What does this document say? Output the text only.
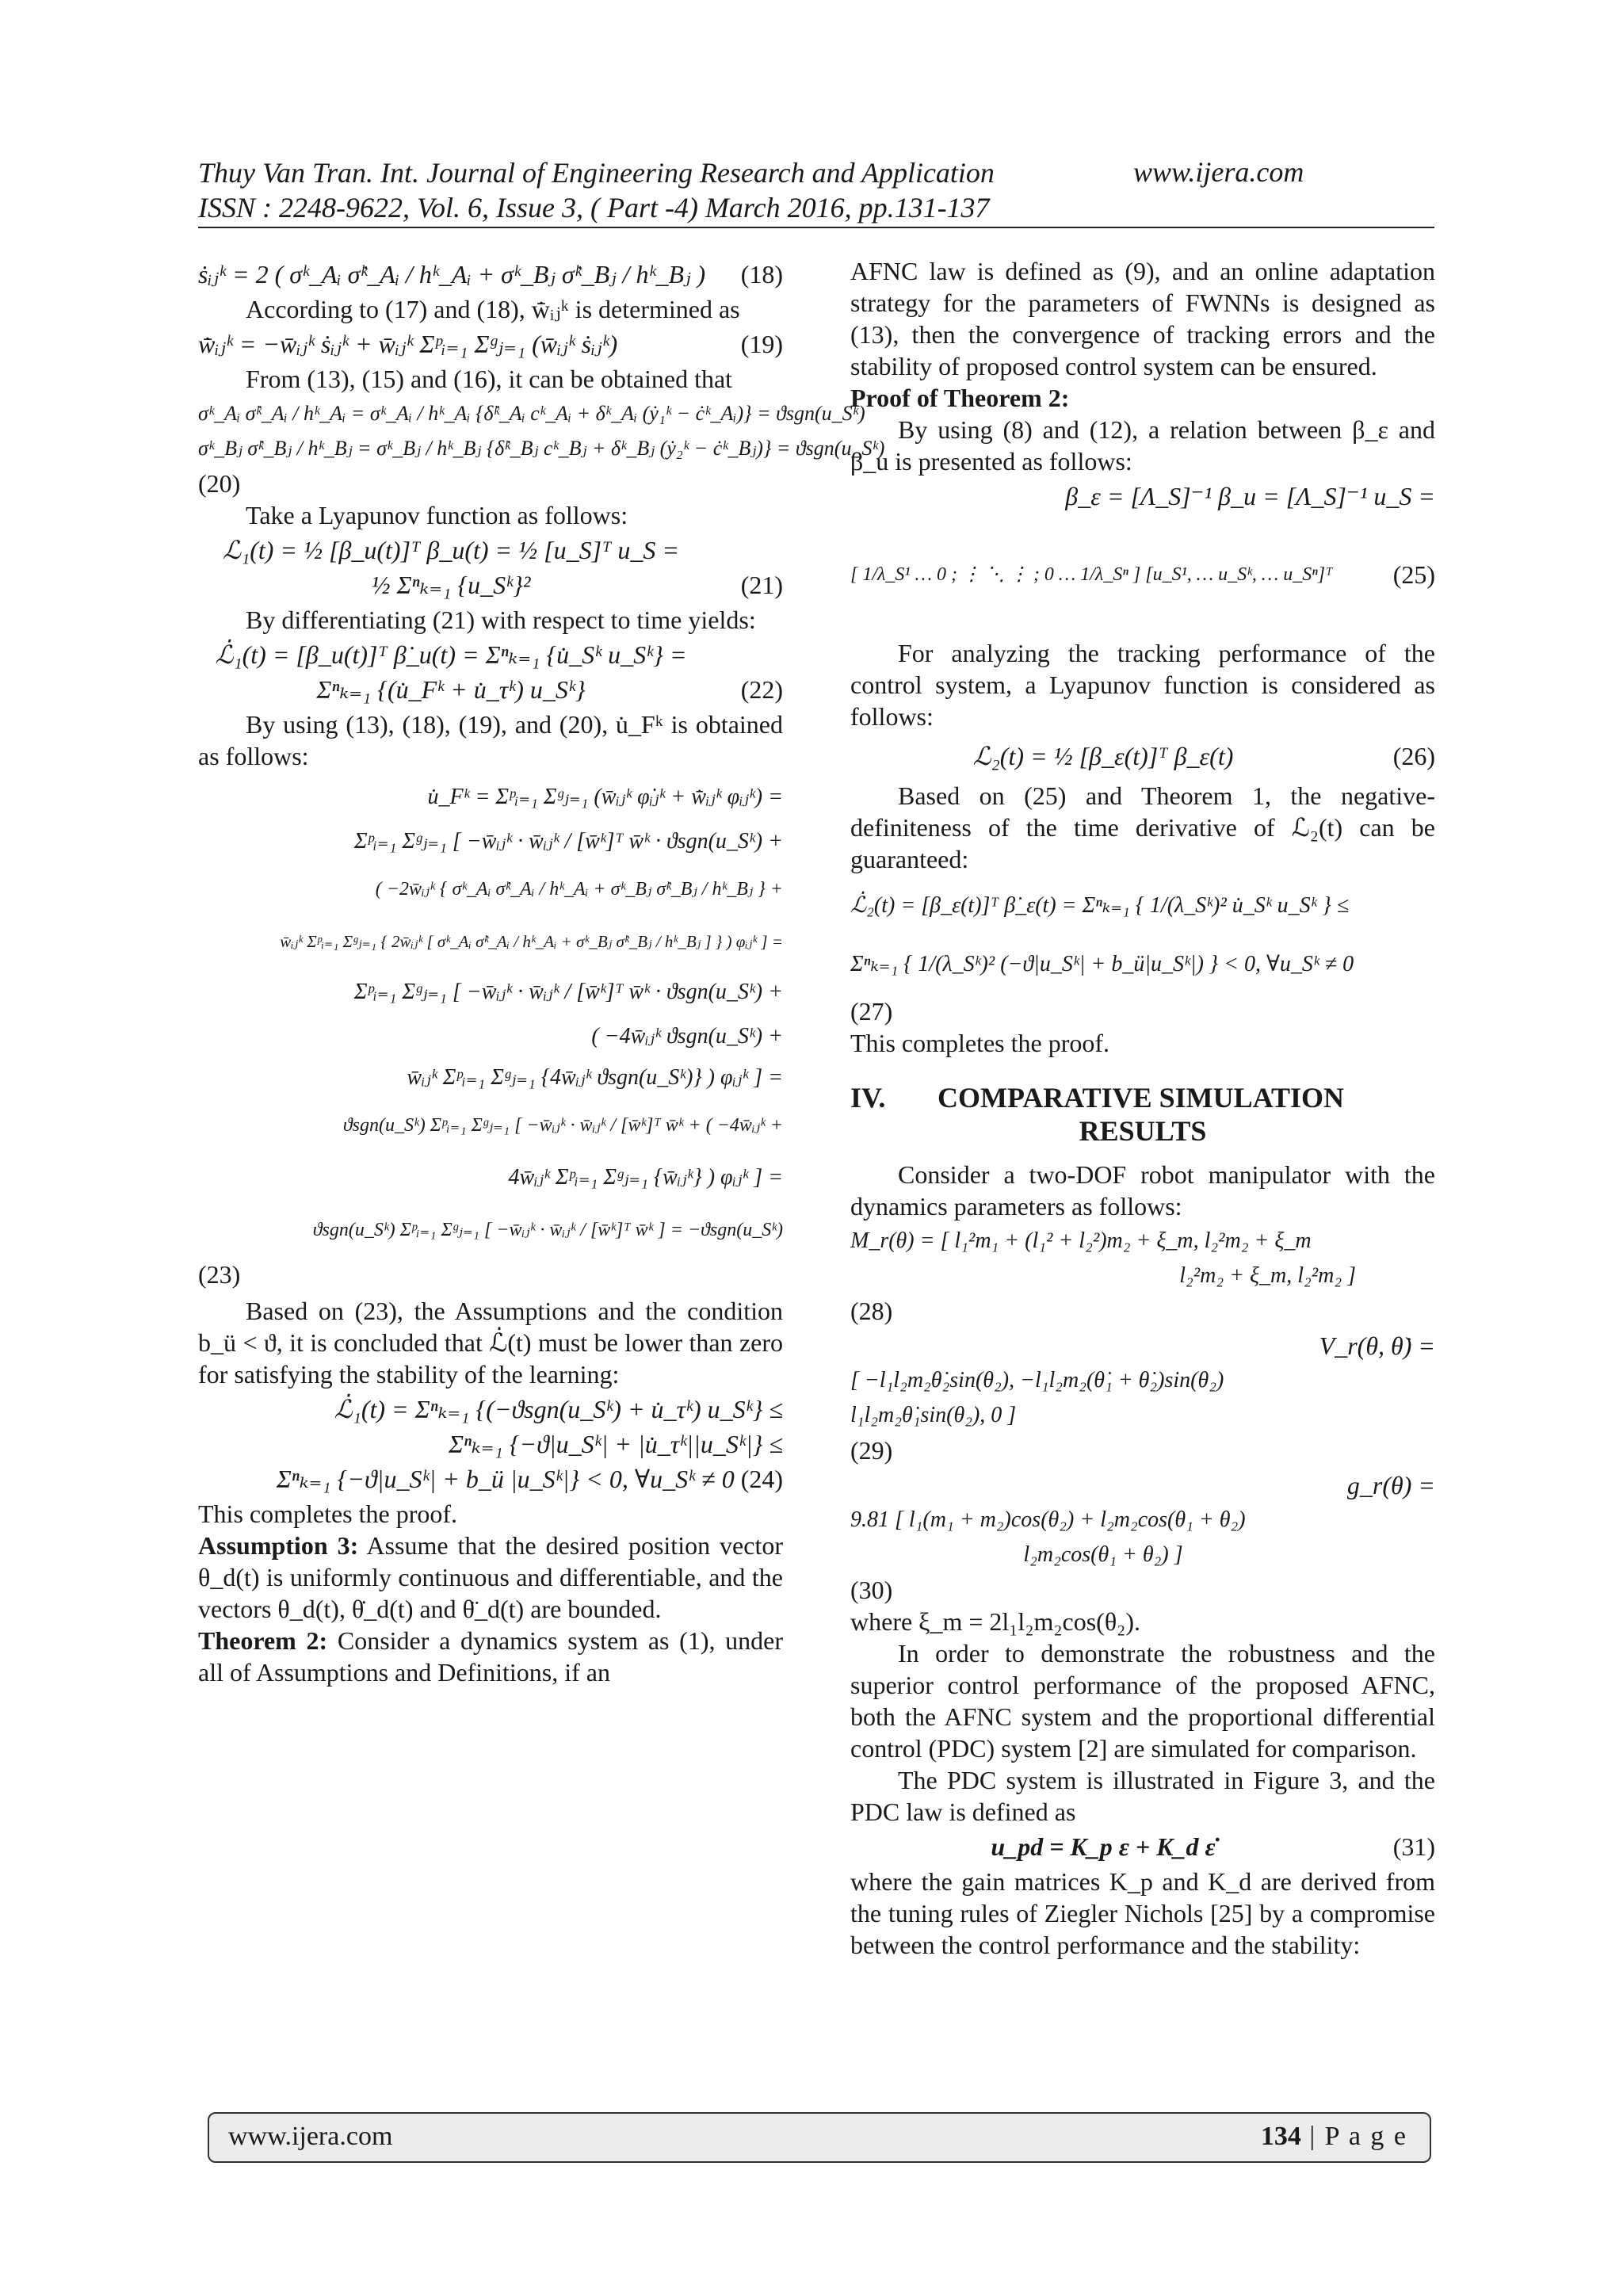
Thuy Van Tran. Int. Journal of Engineering Research and Application
ISSN : 2248-9622, Vol. 6, Issue 3, ( Part -4) March 2016, pp.131-137
www.ijera.com
ṡᵢⱼᵏ = 2 ( σᵏ_Aᵢ σ̇ᵏ_Aᵢ / hᵏ_Aᵢ + σᵏ_Bⱼ σ̇ᵏ_Bⱼ / hᵏ_Bⱼ ) (18)

According to (17) and (18), w̄̇ᵢⱼᵏ is determined as

w̄̇ᵢⱼᵏ = −w̄ᵢⱼᵏ ṡᵢⱼᵏ + w̄ᵢⱼᵏ Σᵖᵢ₌₁ Σᵍⱼ₌₁ (w̄ᵢⱼᵏ ṡᵢⱼᵏ)	(19)

From (13), (15) and (16), it can be obtained that

σᵏ_Aᵢ σ̇ᵏ_Aᵢ / hᵏ_Aᵢ = σᵏ_Aᵢ / hᵏ_Aᵢ {δ̇ᵏ_Aᵢ cᵏ_Aᵢ + δᵏ_Aᵢ (ẏ₁ᵏ − ċᵏ_Aᵢ)} = ϑsgn(u_Sᵏ)
σᵏ_Bⱼ σ̇ᵏ_Bⱼ / hᵏ_Bⱼ = σᵏ_Bⱼ / hᵏ_Bⱼ {δ̇ᵏ_Bⱼ cᵏ_Bⱼ + δᵏ_Bⱼ (ẏ₂ᵏ − ċᵏ_Bⱼ)} = ϑsgn(u_Sᵏ)

(20)

Take a Lyapunov function as follows:

ℒ₁(t) = ½ [β_u(t)]ᵀ β_u(t) = ½ [u_S]ᵀ u_S =
½ Σⁿₖ₌₁ {u_Sᵏ}²	(21)

By differentiating (21) with respect to time yields:

ℒ̇₁(t) = [β_u(t)]ᵀ β̇_u(t) = Σⁿₖ₌₁ {u̇_Sᵏ u_Sᵏ} =
Σⁿₖ₌₁ {(u̇_Fᵏ + u̇_τᵏ) u_Sᵏ}	(22)

By using (13), (18), (19), and (20), u̇_Fᵏ is obtained as follows:

u̇_Fᵏ = Σᵖᵢ₌₁ Σᵍⱼ₌₁ (w̄ᵢⱼᵏ φ̇ᵢⱼᵏ + w̄̇ᵢⱼᵏ φᵢⱼᵏ) =
Σᵖᵢ₌₁ Σᵍⱼ₌₁ [ −w̄ᵢⱼᵏ · w̄ᵢⱼᵏ / [w̄ᵏ]ᵀ w̄ᵏ · ϑsgn(u_Sᵏ) +
( −2w̄ᵢⱼᵏ { σᵏ_Aᵢ σ̇ᵏ_Aᵢ / hᵏ_Aᵢ + σᵏ_Bⱼ σ̇ᵏ_Bⱼ / hᵏ_Bⱼ } +
w̄ᵢⱼᵏ Σᵖᵢ₌₁ Σᵍⱼ₌₁ { 2w̄ᵢⱼᵏ [ σᵏ_Aᵢ σ̇ᵏ_Aᵢ / hᵏ_Aᵢ + σᵏ_Bⱼ σ̇ᵏ_Bⱼ / hᵏ_Bⱼ ] } ) φᵢⱼᵏ ] =
Σᵖᵢ₌₁ Σᵍⱼ₌₁ [ −w̄ᵢⱼᵏ · w̄ᵢⱼᵏ / [w̄ᵏ]ᵀ w̄ᵏ · ϑsgn(u_Sᵏ) +
( −4w̄ᵢⱼᵏ ϑsgn(u_Sᵏ) +
w̄ᵢⱼᵏ Σᵖᵢ₌₁ Σᵍⱼ₌₁ {4w̄ᵢⱼᵏ ϑsgn(u_Sᵏ)} ) φᵢⱼᵏ ] =
ϑsgn(u_Sᵏ) Σᵖᵢ₌₁ Σᵍⱼ₌₁ [ −w̄ᵢⱼᵏ · w̄ᵢⱼᵏ / [w̄ᵏ]ᵀ w̄ᵏ + ( −4w̄ᵢⱼᵏ +
4w̄ᵢⱼᵏ Σᵖᵢ₌₁ Σᵍⱼ₌₁ {w̄ᵢⱼᵏ} ) φᵢⱼᵏ ] =
ϑsgn(u_Sᵏ) Σᵖᵢ₌₁ Σᵍⱼ₌₁ [ −w̄ᵢⱼᵏ · w̄ᵢⱼᵏ / [w̄ᵏ]ᵀ w̄ᵏ ] = −ϑsgn(u_Sᵏ)

(23)

Based on (23), the Assumptions and the condition b_ü < ϑ, it is concluded that ℒ̇(t) must be lower than zero for satisfying the stability of the learning:

ℒ̇₁(t) = Σⁿₖ₌₁ {(−ϑsgn(u_Sᵏ) + u̇_τᵏ) u_Sᵏ} ≤
Σⁿₖ₌₁ {−ϑ|u_Sᵏ| + |u̇_τᵏ||u_Sᵏ|} ≤
Σⁿₖ₌₁ {−ϑ|u_Sᵏ| + b_ü |u_Sᵏ|} < 0, ∀u_Sᵏ ≠ 0 (24)

This completes the proof.

Assumption 3: Assume that the desired position vector θ_d(t) is uniformly continuous and differentiable, and the vectors θ_d(t), θ̇_d(t) and θ̈_d(t) are bounded.

Theorem 2: Consider a dynamics system as (1), under all of Assumptions and Definitions, if an

AFNC law is defined as (9), and an online adaptation strategy for the parameters of FWNNs is designed as (13), then the convergence of tracking errors and the stability of proposed control system can be ensured.

Proof of Theorem 2:

By using (8) and (12), a relation between β_ε and β_u is presented as follows:

β_ε = [Λ_S]⁻¹ β_u = [Λ_S]⁻¹ u_S =
[ 1/λ_S¹ … 0 ; ⋮ ⋱ ⋮ ; 0 … 1/λ_Sⁿ ] [u_S¹, … u_Sᵏ, … u_Sⁿ]ᵀ (25)

For analyzing the tracking performance of the control system, a Lyapunov function is considered as follows:

ℒ₂(t) = ½ [β_ε(t)]ᵀ β_ε(t)	(26)

Based on (25) and Theorem 1, the negative-definiteness of the time derivative of ℒ₂(t) can be guaranteed:

ℒ̇₂(t) = [β_ε(t)]ᵀ β̇_ε(t) = Σⁿₖ₌₁ { 1/(λ_Sᵏ)² u̇_Sᵏ u_Sᵏ } ≤
Σⁿₖ₌₁ { 1/(λ_Sᵏ)² (−ϑ|u_Sᵏ| + b_ü|u_Sᵏ|) } < 0, ∀u_Sᵏ ≠ 0

(27)

This completes the proof.

IV. COMPARATIVE SIMULATION
RESULTS

Consider a two-DOF robot manipulator with the dynamics parameters as follows:

M_r(θ) = [ l₁²m₁ + (l₁² + l₂²)m₂ + ξ_m, l₂²m₂ + ξ_m
l₂²m₂ + ξ_m, l₂²m₂ ]

(28)

V_r(θ, θ̇) =
[ −l₁l₂m₂θ̇₂sin(θ₂), −l₁l₂m₂(θ̇₁ + θ̇₂)sin(θ₂)
l₁l₂m₂θ̇₁sin(θ₂), 0 ]

(29)

g_r(θ) =
9.81 [ l₁(m₁ + m₂)cos(θ₂) + l₂m₂cos(θ₁ + θ₂)
l₂m₂cos(θ₁ + θ₂) ]

(30)

where ξ_m = 2l₁l₂m₂cos(θ₂).

In order to demonstrate the robustness and the superior control performance of the proposed AFNC, both the AFNC system and the proportional differential control (PDC) system [2] are simulated for comparison.

The PDC system is illustrated in Figure 3, and the PDC law is defined as

u_pd = K_p ε + K_d ε̇	(31)

where the gain matrices K_p and K_d are derived from the tuning rules of Ziegler Nichols [25] by a compromise between the control performance and the stability:

www.ijera.com	134 | P a g e
